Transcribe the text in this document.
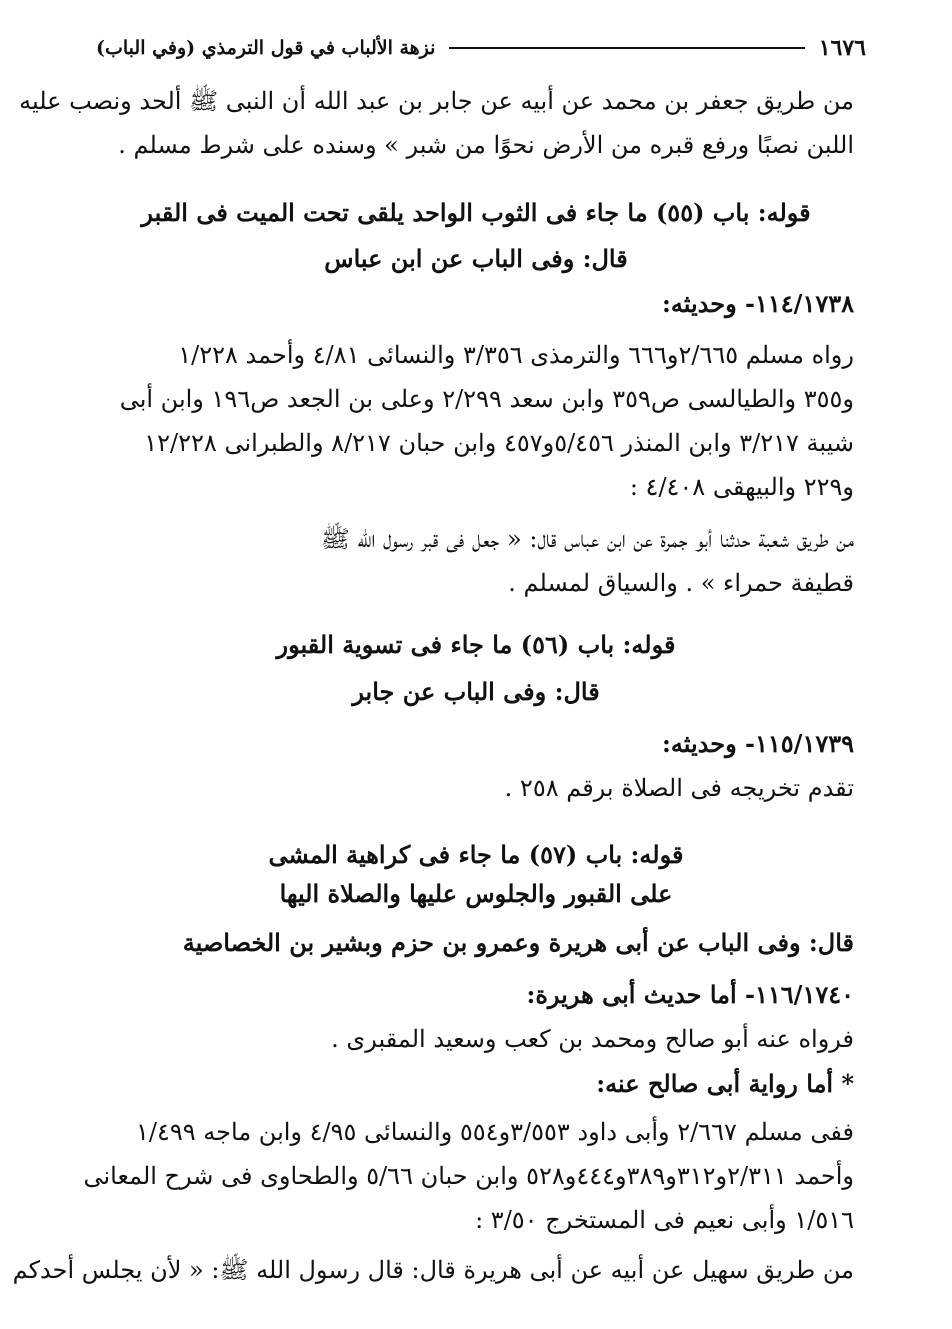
١٦٧٦
نزهة الألباب في قول الترمذي (وفي الباب)
من طريق جعفر بن محمد عن أبيه عن جابر بن عبد الله أن النبى ﷺ ألحد ونصب عليه
اللبن نصبًا ورفع قبره من الأرض نحوًا من شبر » وسنده على شرط مسلم .
قوله: باب (٥٥) ما جاء فى الثوب الواحد يلقى تحت الميت فى القبر
قال: وفى الباب عن ابن عباس
١١٤/١٧٣٨- وحديثه:
رواه مسلم ٢/٦٦٥و٦٦٦ والترمذى ٣/٣٥٦ والنسائى ٤/٨١ وأحمد ١/٢٢٨
و٣٥٥ والطيالسى ص٣٥٩ وابن سعد ٢/٢٩٩ وعلى بن الجعد ص١٩٦ وابن أبى
شيبة ٣/٢١٧ وابن المنذر ٥/٤٥٦و٤٥٧ وابن حبان ٨/٢١٧ والطبرانى ١٢/٢٢٨
و٢٢٩ والبيهقى ٤/٤٠٨ :
من طريق شعبة حدثنا أبو جمرة عن ابن عباس قال: « جعل فى قبر رسول الله ﷺ
قطيفة حمراء » . والسياق لمسلم .
قوله: باب (٥٦) ما جاء فى تسوية القبور
قال: وفى الباب عن جابر
١١٥/١٧٣٩- وحديثه:
تقدم تخريجه فى الصلاة برقم ٢٥٨ .
قوله: باب (٥٧) ما جاء فى كراهية المشى
على القبور والجلوس عليها والصلاة اليها
قال: وفى الباب عن أبى هريرة وعمرو بن حزم وبشير بن الخصاصية
١١٦/١٧٤٠- أما حديث أبى هريرة:
فرواه عنه أبو صالح ومحمد بن كعب وسعيد المقبرى .
* أما رواية أبى صالح عنه:
ففى مسلم ٢/٦٦٧ وأبى داود ٣/٥٥٣و٥٥٤ والنسائى ٤/٩٥ وابن ماجه ١/٤٩٩
وأحمد ٢/٣١١و٣١٢و٣٨٩و٤٤٤و٥٢٨ وابن حبان ٥/٦٦ والطحاوى فى شرح المعانى
١/٥١٦ وأبى نعيم فى المستخرج ٣/٥٠ :
من طريق سهيل عن أبيه عن أبى هريرة قال: قال رسول الله ﷺ: « لأن يجلس أحدكم
